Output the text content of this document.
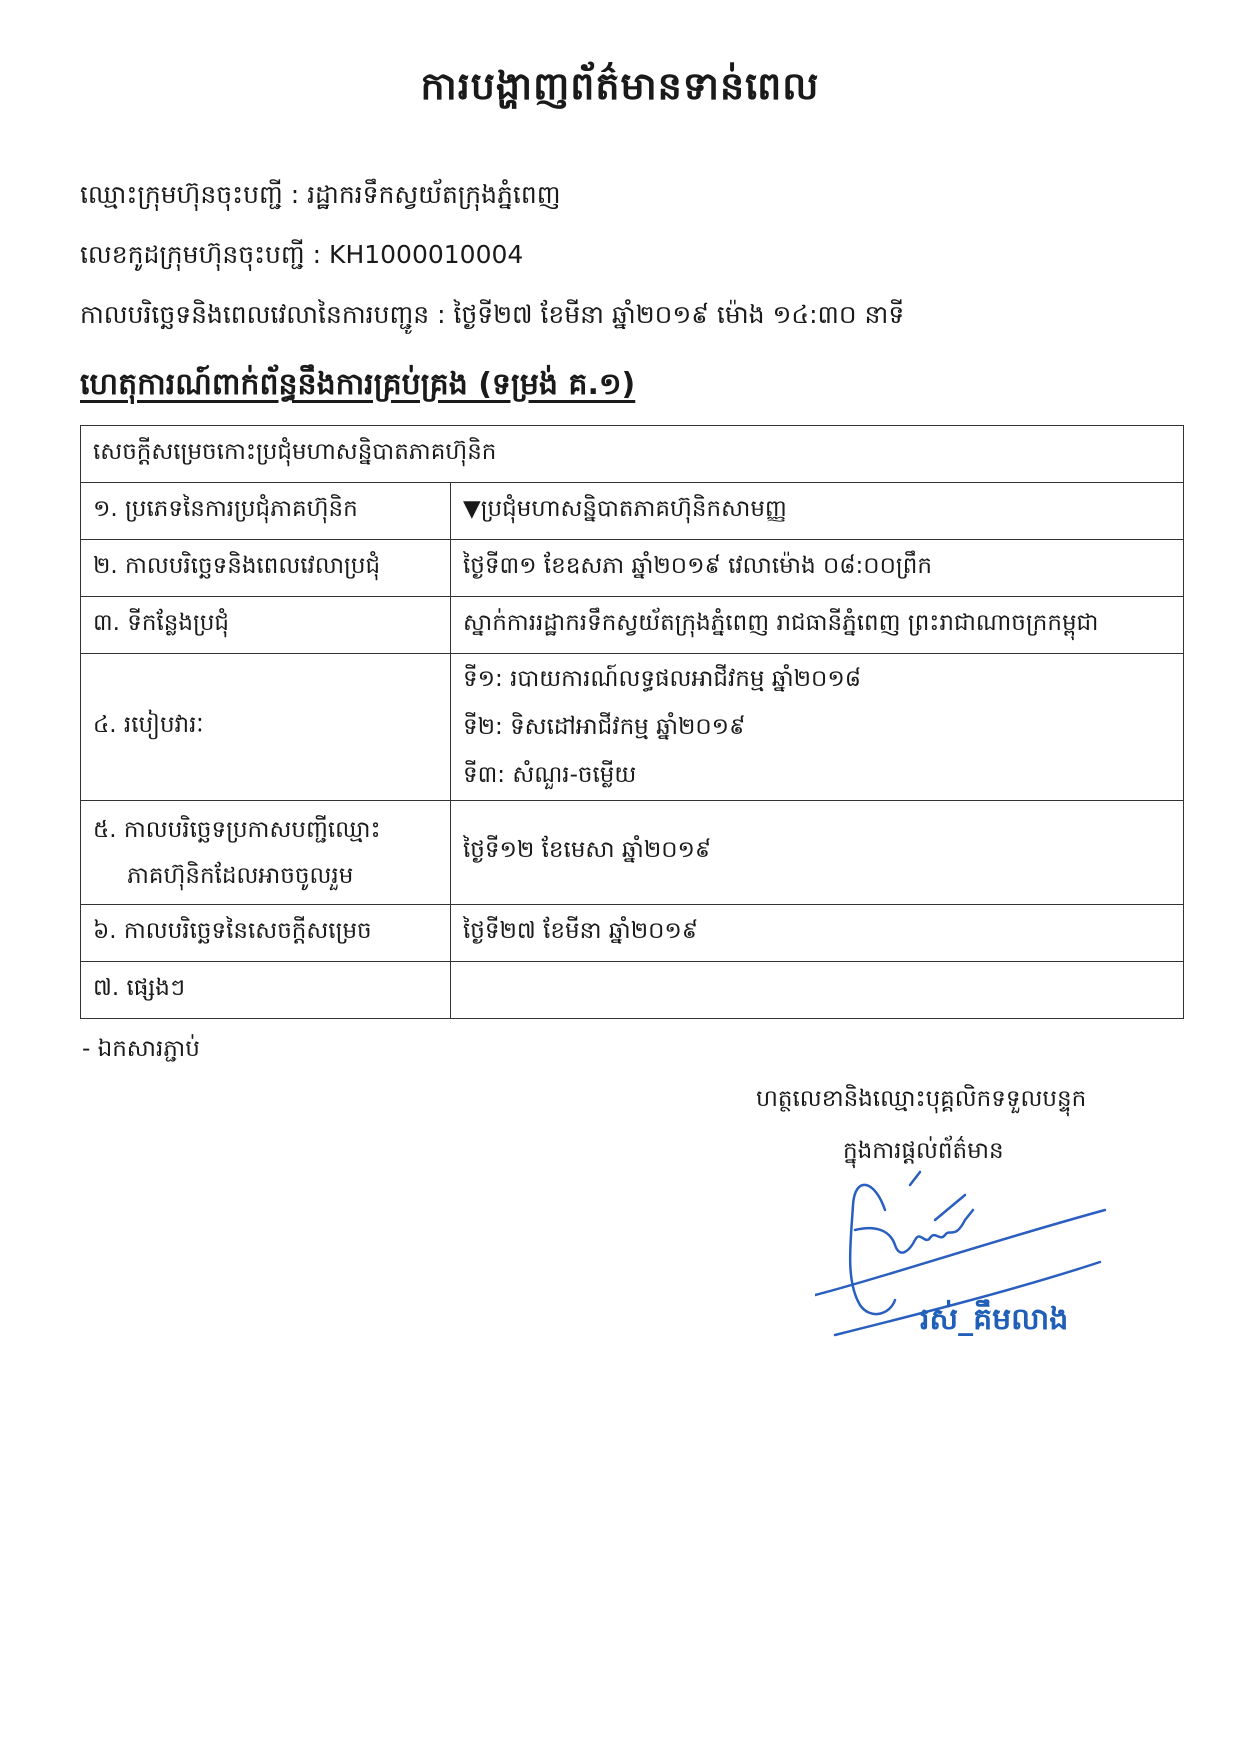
ការបង្ហាញព័ត៌មានទាន់ពេល
ឈ្មោះក្រុមហ៊ុនចុះបញ្ជី : រដ្ឋាករទឹកស្វយ័តក្រុងភ្នំពេញ
លេខកូដក្រុមហ៊ុនចុះបញ្ជី : KH1000010004
កាលបរិច្ឆេទនិងពេលវេលានៃការបញ្ជូន : ថ្ងៃទី២៧ ខែមីនា ឆ្នាំ២០១៩ ម៉ោង ១៤:៣០ នាទី
ហេតុការណ៍ពាក់ព័ន្ធនឹងការគ្រប់គ្រង (ទម្រង់ គ.១)
សេចក្ដីសម្រេចកោះប្រជុំមហាសន្និបាតភាគហ៊ុនិក	
១. ប្រភេទនៃការប្រជុំភាគហ៊ុនិក	▼ប្រជុំមហាសន្និបាតភាគហ៊ុនិកសាមញ្ញ
២. កាលបរិច្ឆេទនិងពេលវេលាប្រជុំ	ថ្ងៃទី៣១ ខែឧសភា ឆ្នាំ២០១៩ វេលាម៉ោង ០៨:០០ព្រឹក
៣. ទីកន្លែងប្រជុំ	ស្នាក់ការរដ្ឋាករទឹកស្វយ័តក្រុងភ្នំពេញ រាជធានីភ្នំពេញ ព្រះរាជាណាចក្រកម្ពុជា
៤. របៀបវារៈ	ទី១: របាយការណ៍លទ្ធផលអាជីវកម្ម ឆ្នាំ២០១៨
ទី២: ទិសដៅអាជីវកម្ម ឆ្នាំ២០១៩
ទី៣: សំណួរ-ចម្លើយ

៥. កាលបរិច្ឆេទប្រកាសបញ្ជីឈ្មោះ
ភាគហ៊ុនិកដែលអាចចូលរួម	ថ្ងៃទី១២ ខែមេសា ឆ្នាំ២០១៩
៦. កាលបរិច្ឆេទនៃសេចក្ដីសម្រេច	ថ្ងៃទី២៧ ខែមីនា ឆ្នាំ២០១៩
៧. ផ្សេងៗ	
- ឯកសារភ្ជាប់
ហត្ថលេខានិងឈ្មោះបុគ្គលិកទទួលបន្ទុក
ក្នុងការផ្ដល់ព័ត៌មាន
រស់_គឹមលាង
